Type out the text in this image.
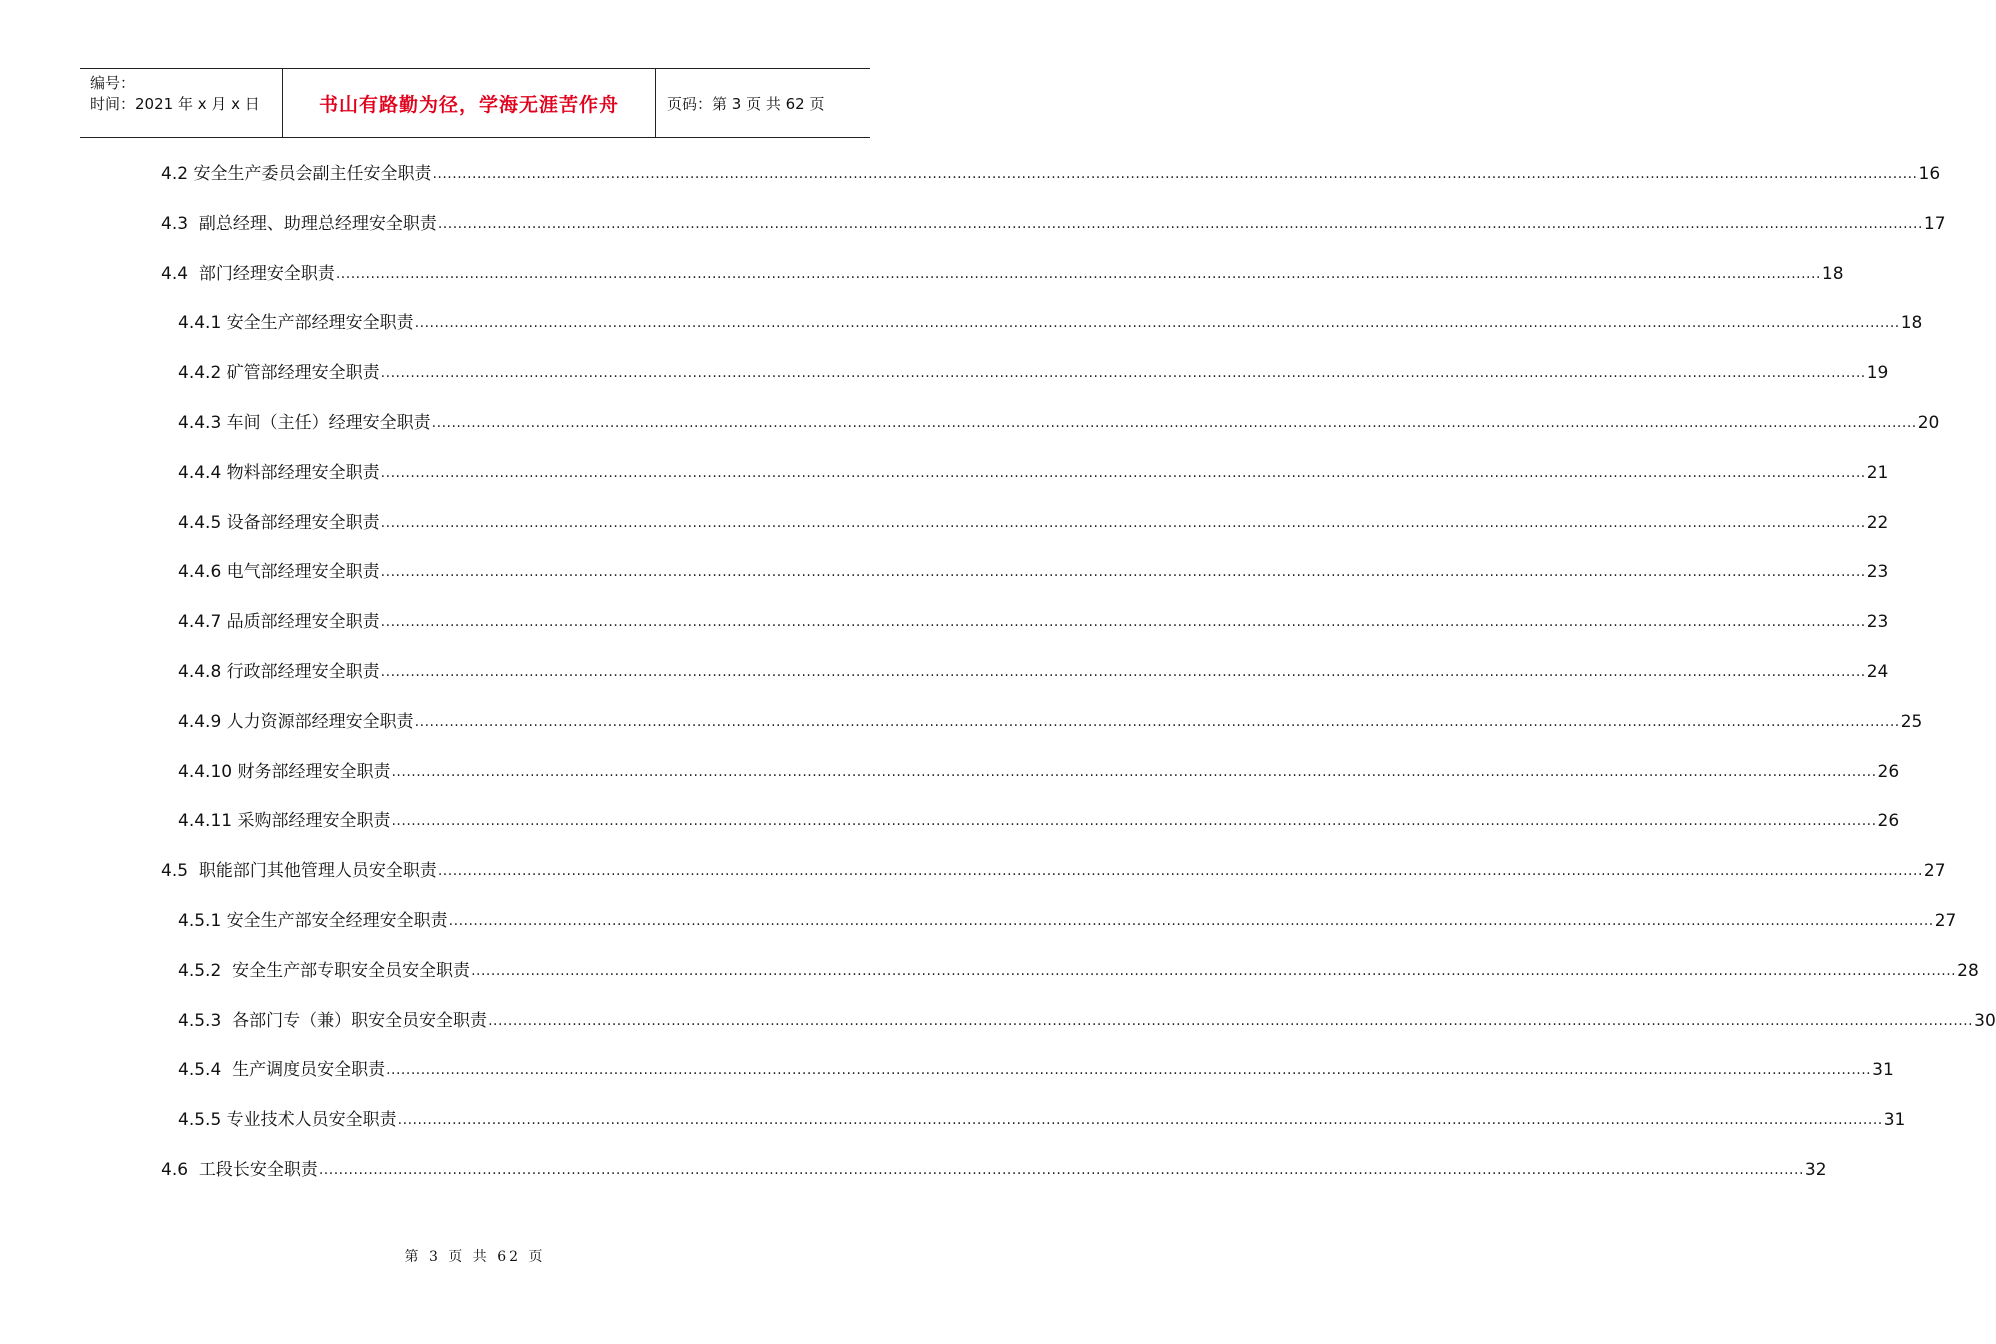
编号：
时间：2021 年 x 月 x 日	书山有路勤为径，学海无涯苦作舟	页码：第 3 页 共 62 页
4.2 安全生产委员会副主任安全职责 ............................................................................................................................................................................................................................................................................................................ 16
4.3  副总经理、助理总经理安全职责 ............................................................................................................................................................................................................................................................................................................ 17
4.4  部门经理安全职责 ............................................................................................................................................................................................................................................................................................................ 18
4.4.1 安全生产部经理安全职责 ............................................................................................................................................................................................................................................................................................................ 18
4.4.2 矿管部经理安全职责 ............................................................................................................................................................................................................................................................................................................ 19
4.4.3 车间（主任）经理安全职责 ............................................................................................................................................................................................................................................................................................................ 20
4.4.4 物料部经理安全职责 ............................................................................................................................................................................................................................................................................................................ 21
4.4.5 设备部经理安全职责 ............................................................................................................................................................................................................................................................................................................ 22
4.4.6 电气部经理安全职责 ............................................................................................................................................................................................................................................................................................................ 23
4.4.7 品质部经理安全职责 ............................................................................................................................................................................................................................................................................................................ 23
4.4.8 行政部经理安全职责 ............................................................................................................................................................................................................................................................................................................ 24
4.4.9 人力资源部经理安全职责 ............................................................................................................................................................................................................................................................................................................ 25
4.4.10 财务部经理安全职责 ............................................................................................................................................................................................................................................................................................................ 26
4.4.11 采购部经理安全职责 ............................................................................................................................................................................................................................................................................................................ 26
4.5  职能部门其他管理人员安全职责 ............................................................................................................................................................................................................................................................................................................ 27
4.5.1 安全生产部安全经理安全职责 ............................................................................................................................................................................................................................................................................................................ 27
4.5.2  安全生产部专职安全员安全职责 ............................................................................................................................................................................................................................................................................................................ 28
4.5.3  各部门专（兼）职安全员安全职责 ............................................................................................................................................................................................................................................................................................................ 30
4.5.4  生产调度员安全职责 ............................................................................................................................................................................................................................................................................................................ 31
4.5.5 专业技术人员安全职责 ............................................................................................................................................................................................................................................................................................................ 31
4.6  工段长安全职责 ............................................................................................................................................................................................................................................................................................................ 32
第 3 页 共 62 页
